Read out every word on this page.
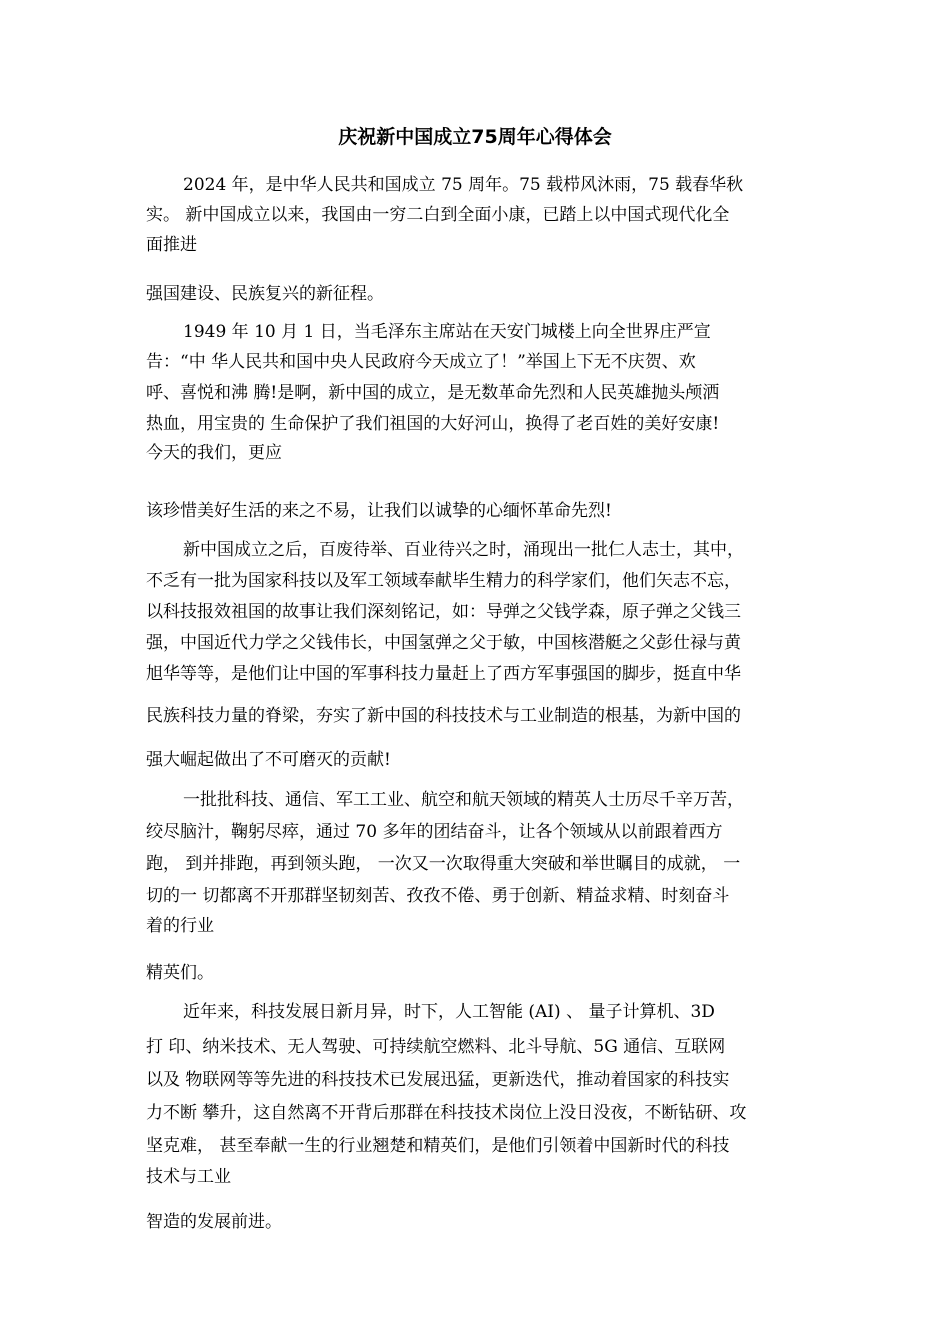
庆祝新中国成立75周年心得体会
2024 年，是中华人民共和国成立 75 周年。75 载栉风沐雨，75 载春华秋
实。 新中国成立以来，我国由一穷二白到全面小康，已踏上以中国式现代化全
面推进
强国建设、民族复兴的新征程。
1949 年 10 月 1 日，当毛泽东主席站在天安门城楼上向全世界庄严宣
告：“中 华人民共和国中央人民政府今天成立了！”举国上下无不庆贺、欢
呼、喜悦和沸 腾!是啊，新中国的成立，是无数革命先烈和人民英雄抛头颅洒
热血，用宝贵的 生命保护了我们祖国的大好河山，换得了老百姓的美好安康!
今天的我们，更应
该珍惜美好生活的来之不易，让我们以诚挚的心缅怀革命先烈!
新中国成立之后，百废待举、百业待兴之时，涌现出一批仁人志士，其中，
不乏有一批为国家科技以及军工领域奉献毕生精力的科学家们，他们矢志不忘，
以科技报效祖国的故事让我们深刻铭记，如：导弹之父钱学森，原子弹之父钱三
强，中国近代力学之父钱伟长，中国氢弹之父于敏，中国核潜艇之父彭仕禄与黄
旭华等等，是他们让中国的军事科技力量赶上了西方军事强国的脚步，挺直中华
民族科技力量的脊梁，夯实了新中国的科技技术与工业制造的根基，为新中国的
强大崛起做出了不可磨灭的贡献!
一批批科技、通信、军工工业、航空和航天领域的精英人士历尽千辛万苦，
绞尽脑汁，鞠躬尽瘁，通过 70 多年的团结奋斗，让各个领域从以前跟着西方
跑， 到并排跑，再到领头跑， 一次又一次取得重大突破和举世瞩目的成就， 一
切的一 切都离不开那群坚韧刻苦、孜孜不倦、勇于创新、精益求精、时刻奋斗
着的行业
精英们。
近年来，科技发展日新月异，时下，人工智能 (AI) 、 量子计算机、3D
打 印、纳米技术、无人驾驶、可持续航空燃料、北斗导航、5G 通信、互联网
以及 物联网等等先进的科技技术已发展迅猛，更新迭代，推动着国家的科技实
力不断 攀升，这自然离不开背后那群在科技技术岗位上没日没夜，不断钻研、攻
坚克难， 甚至奉献一生的行业翘楚和精英们，是他们引领着中国新时代的科技
技术与工业
智造的发展前进。
